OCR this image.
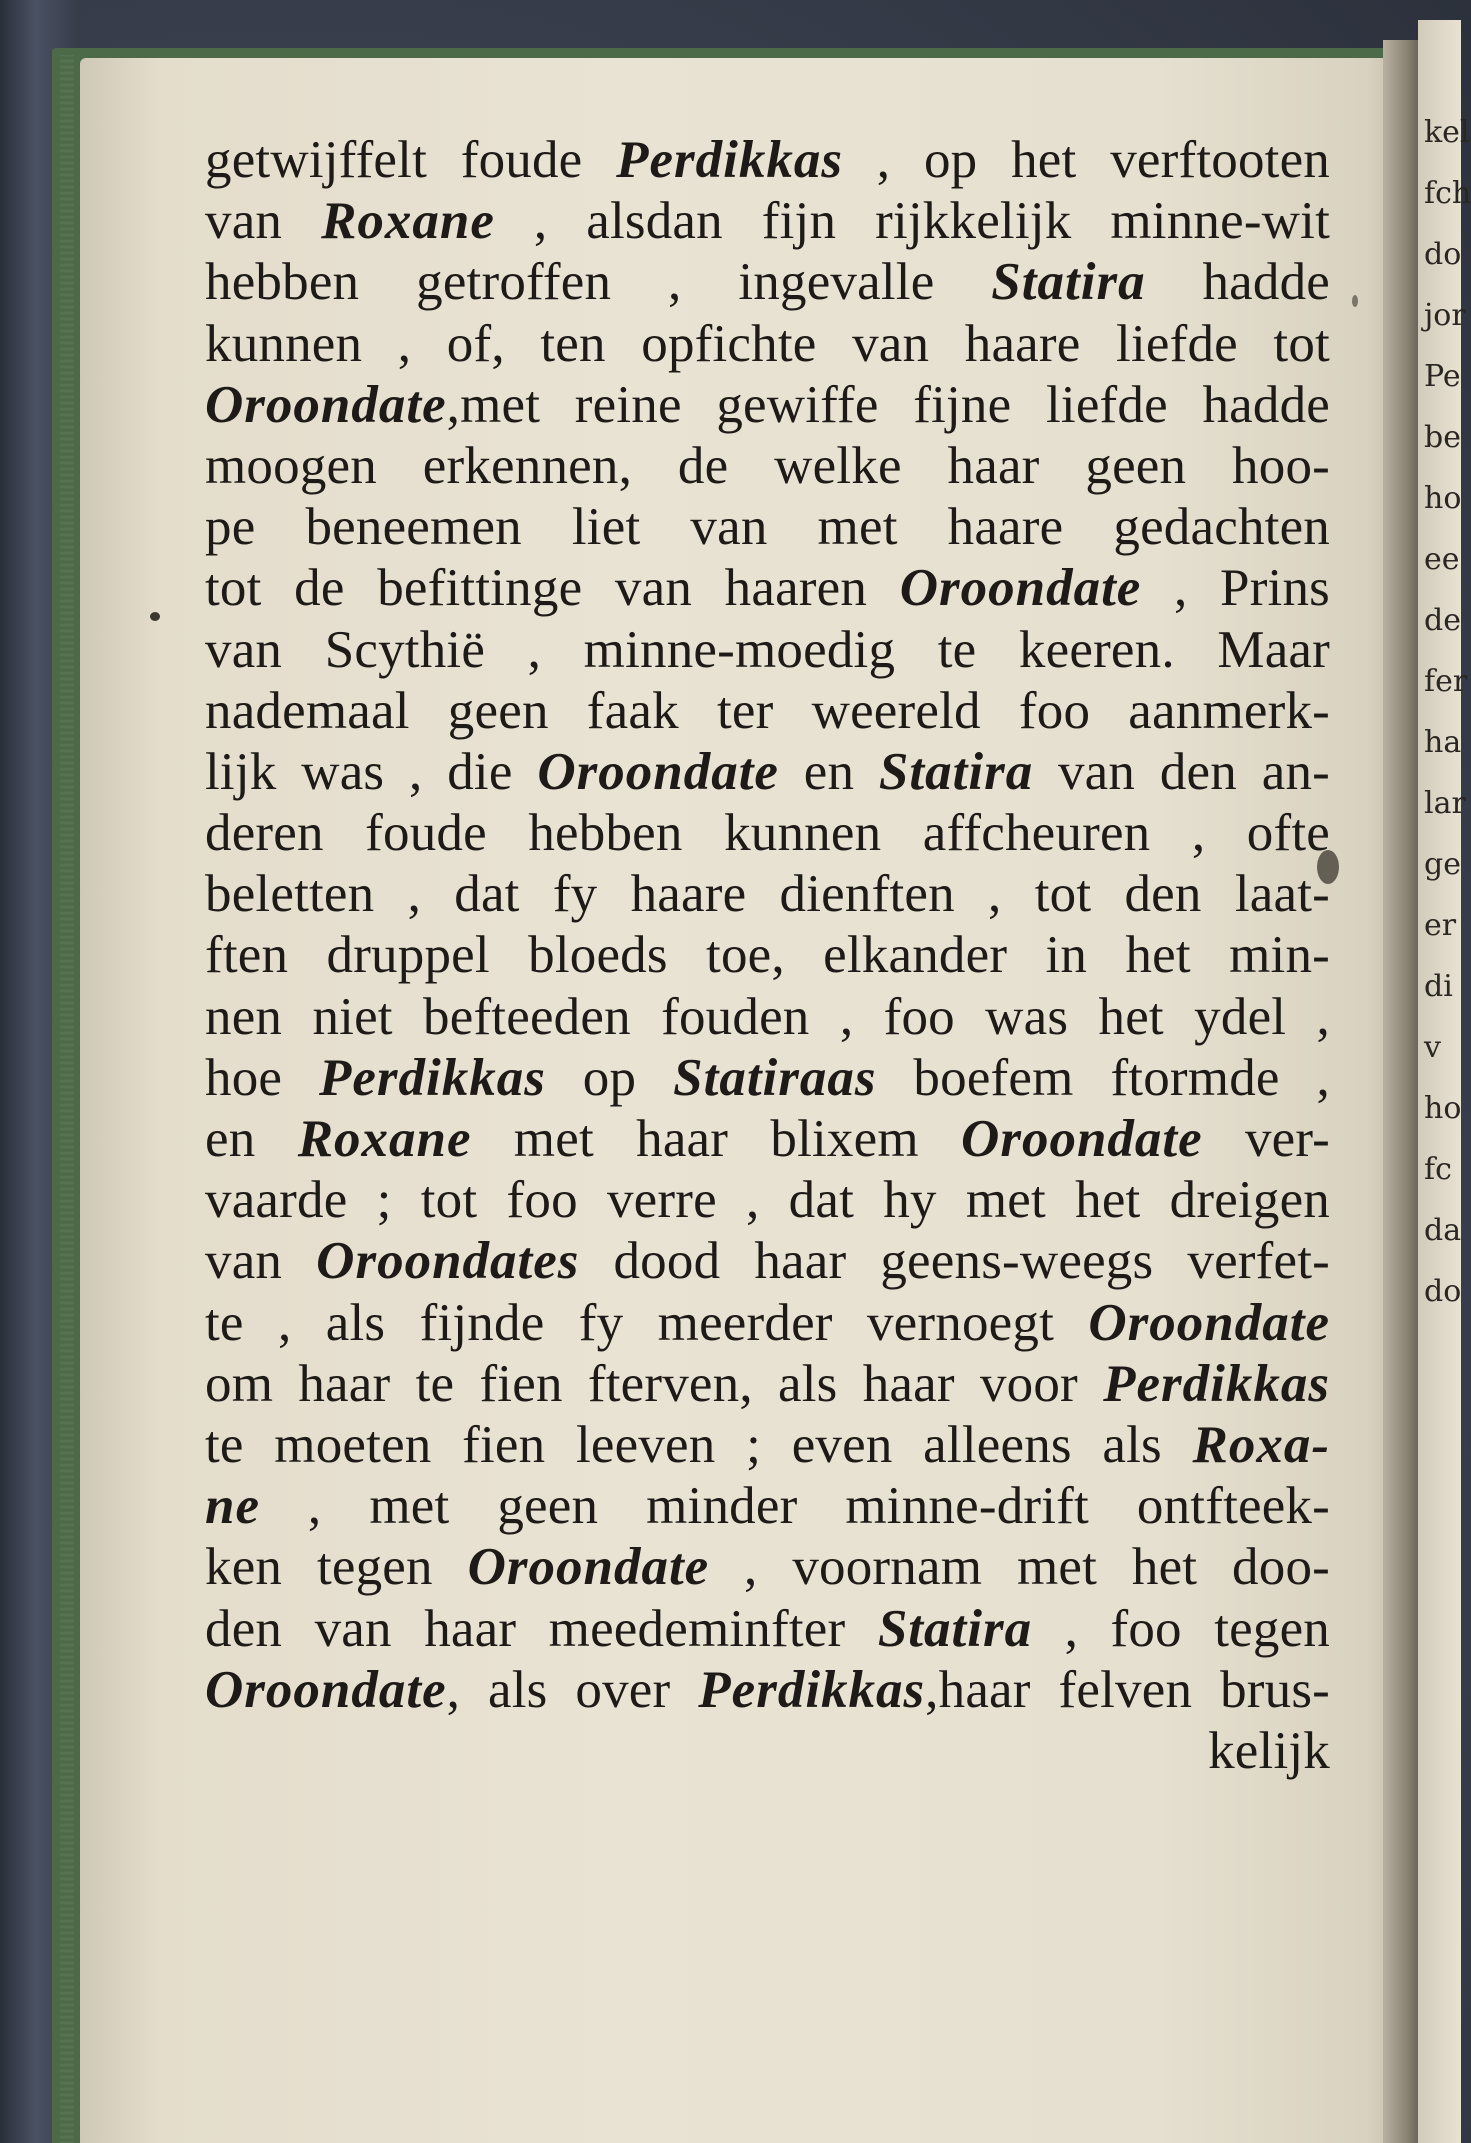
kel
fch
do
jor
Pe
be
ho
ee
de
fer
ha
lar
ge
er
di
v
ho
fc
da
do
getwijffelt foude Perdikkas , op het verftooten
van Roxane , alsdan fijn rijkkelijk minne-wit
hebben getroffen , ingevalle Statira hadde
kunnen , of, ten opfichte van haare liefde tot
Oroondate,met reine gewiffe fijne liefde hadde
moogen erkennen, de welke haar geen hoo-
pe beneemen liet van met haare gedachten
tot de befittinge van haaren Oroondate , Prins
van Scythië , minne-moedig te keeren. Maar
nademaal geen faak ter weereld foo aanmerk-
lijk was , die Oroondate en Statira van den an-
deren foude hebben kunnen affcheuren , ofte
beletten , dat fy haare dienften , tot den laat-
ften druppel bloeds toe, elkander in het min-
nen niet befteeden fouden , foo was het ydel ,
hoe Perdikkas op Statiraas boefem ftormde ,
en Roxane met haar blixem Oroondate ver-
vaarde ; tot foo verre , dat hy met het dreigen
van Oroondates dood haar geens-weegs verfet-
te , als fijnde fy meerder vernoegt Oroondate
om haar te fien fterven, als haar voor Perdikkas
te moeten fien leeven ; even alleens als Roxa-
ne , met geen minder minne-drift ontfteek-
ken tegen Oroondate , voornam met het doo-
den van haar meedeminfter Statira , foo tegen
Oroondate, als over Perdikkas,haar felven brus-
kelijk
